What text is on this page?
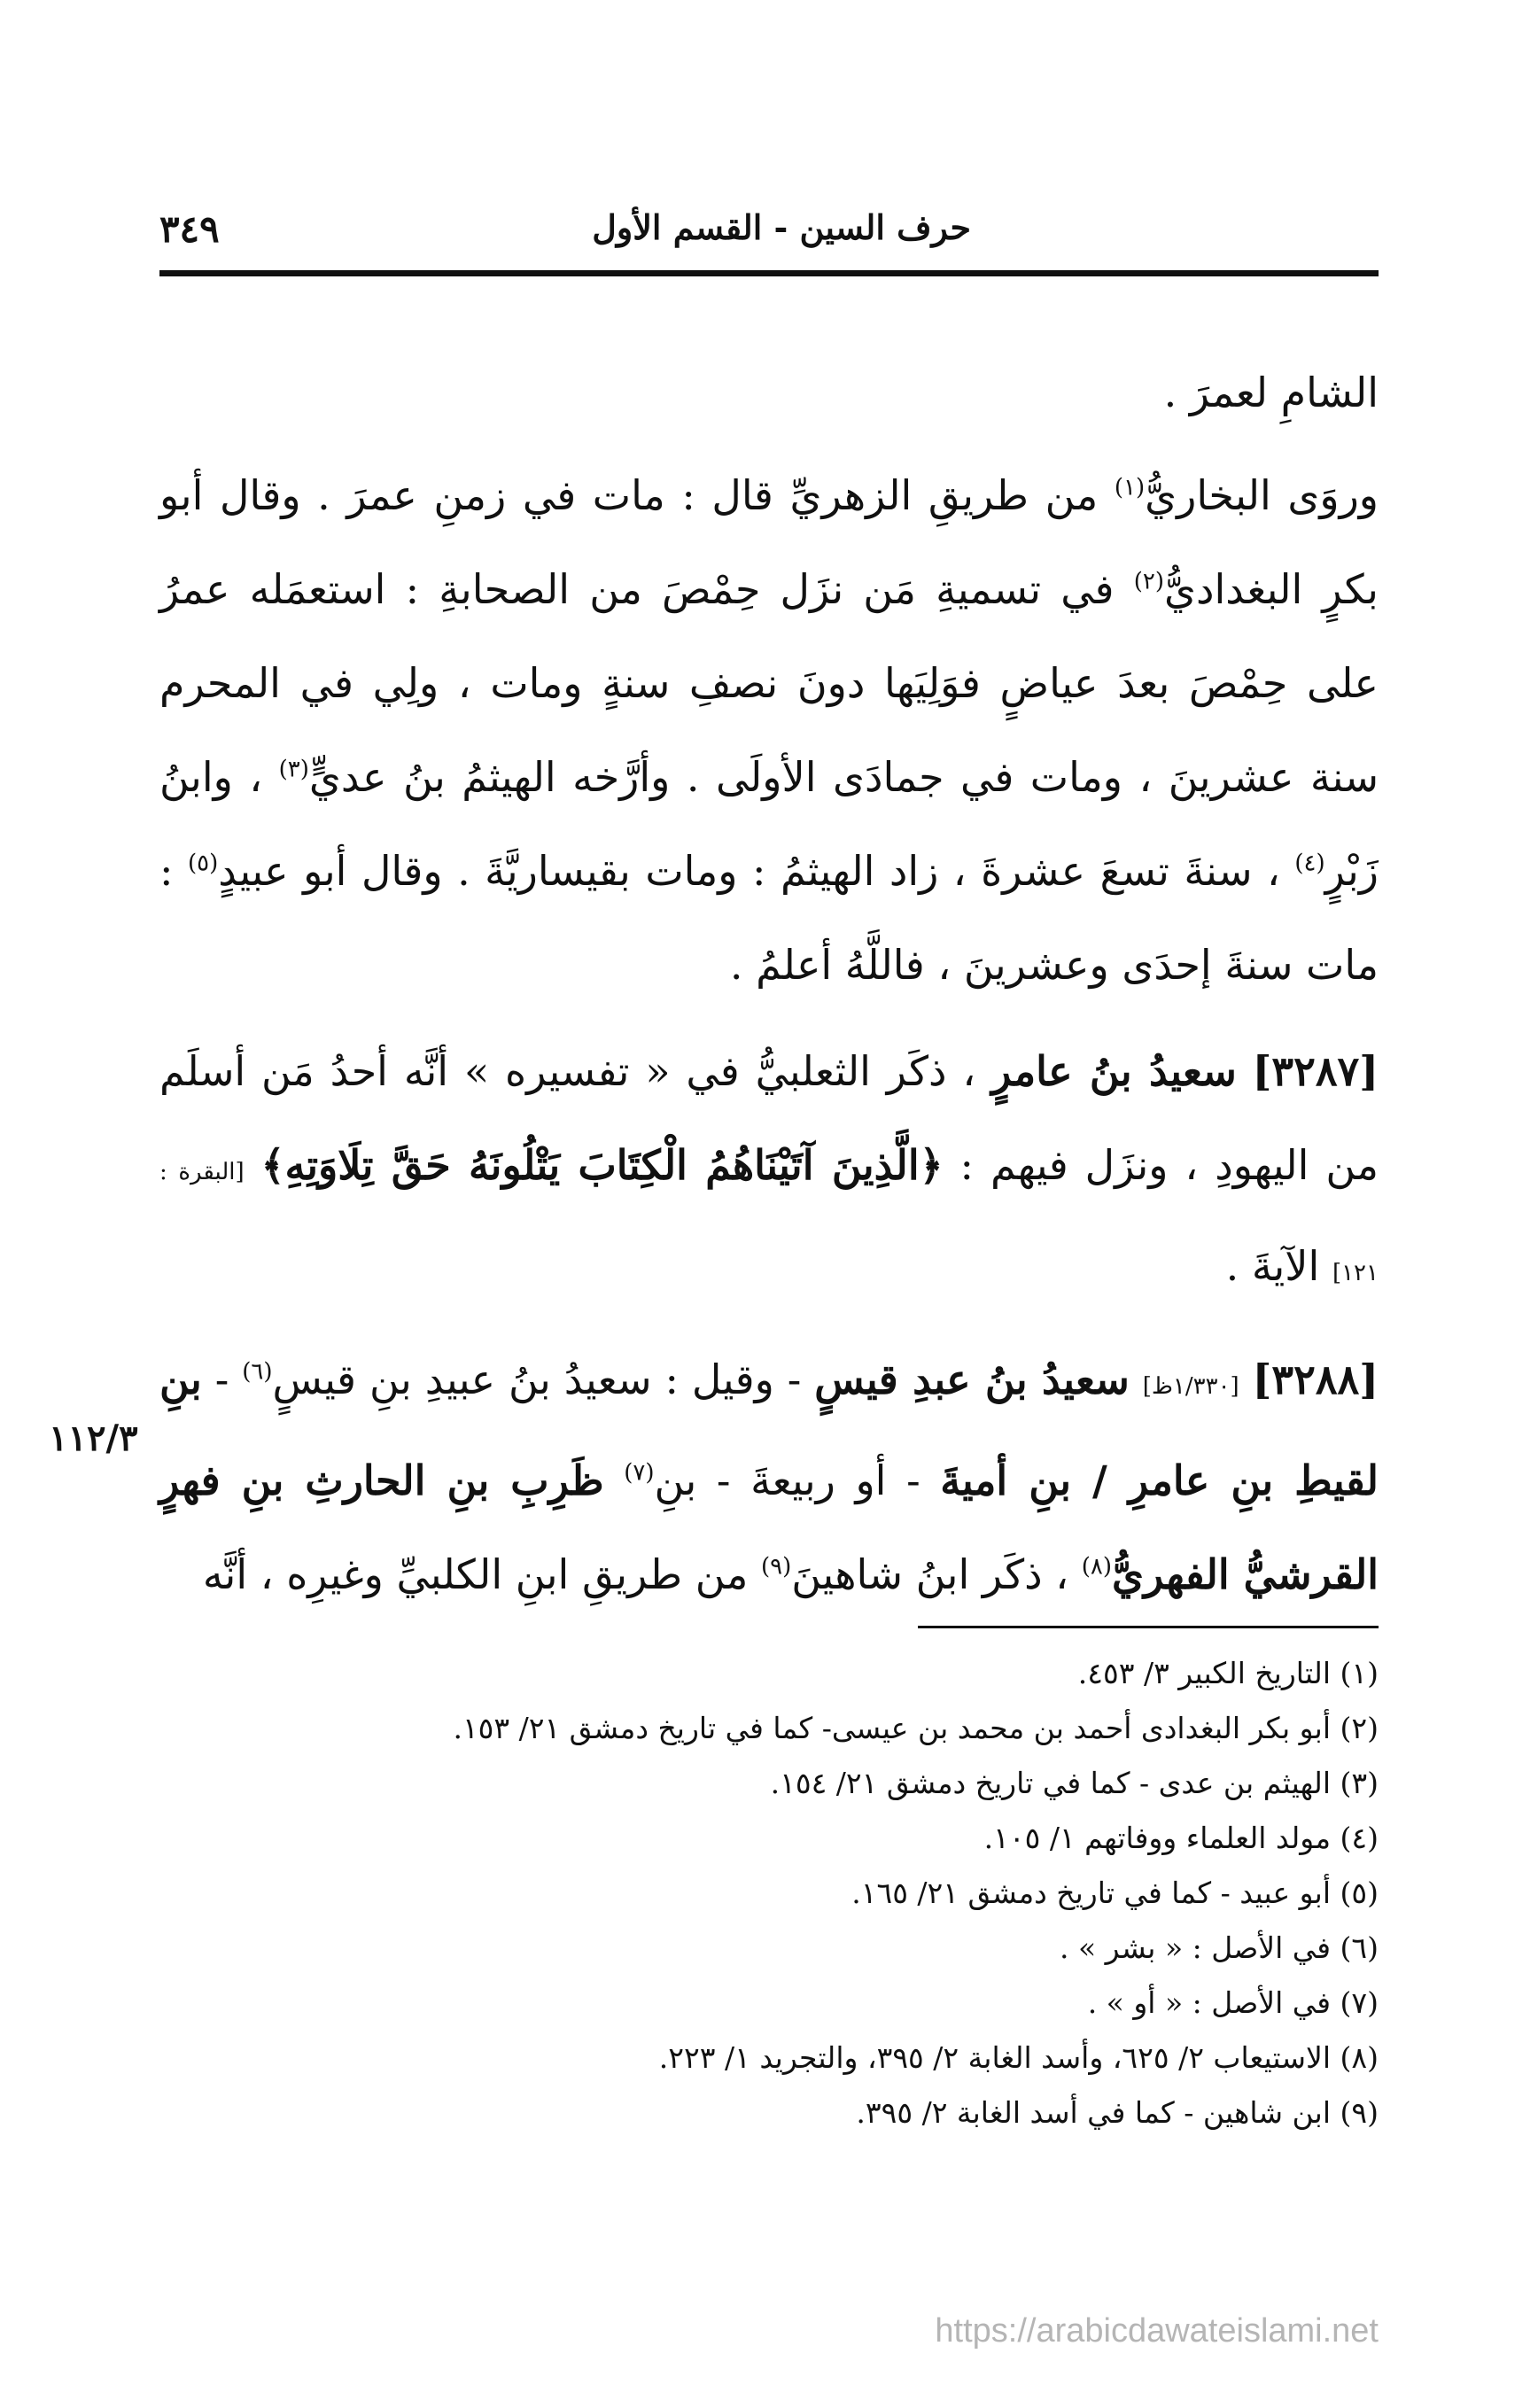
حرف السين - القسم الأول
٣٤٩

الشامِ لعمرَ .

وروَى البخاريُّ$^{(١)}$ من طريقِ الزهريِّ قال : مات في زمنِ عمرَ . وقال أبو بكرٍ البغداديُّ$^{(٢)}$ في تسميةِ مَن نزَل حِمْصَ من الصحابةِ : استعمَله عمرُ على حِمْصَ بعدَ عياضٍ فوَلِيَها دونَ نصفِ سنةٍ ومات ، ولِي في المحرم سنة عشرينَ ، ومات في جمادَى الأولَى . وأرَّخه الهيثمُ بنُ عديٍّ$^{(٣)}$ ، وابنُ زَبْرٍ$^{(٤)}$ ، سنةَ تسعَ عشرةَ ، زاد الهيثمُ : ومات بقيساريَّةَ . وقال أبو عبيدٍ$^{(٥)}$ : مات سنةَ إحدَى وعشرينَ ، فاللَّهُ أعلمُ .

[٣٢٨٧] سعيدُ بنُ عامرٍ ، ذكَر الثعلبيُّ في « تفسيره » أنَّه أحدُ مَن أسلَم من اليهودِ ، ونزَل فيهم : ﴿الَّذِينَ آتَيْنَاهُمُ الْكِتَابَ يَتْلُونَهُ حَقَّ تِلَاوَتِهِ﴾ [البقرة : ١٢١] الآيةَ .

[٣٢٨٨] [١/٣٣٠ظ] سعيدُ بنُ عبدِ قيسٍ - وقيل : سعيدُ بنُ عبيدِ بنِ قيسٍ$^{(٦)}$ - بنِ لقيطِ بنِ عامرِ / بنِ أميةَ - أو ربيعةَ - بنِ$^{(٧)}$ ظَرِبِ بنِ الحارثِ بنِ فهرٍ القرشيُّ الفهريُّ$^{(٨)}$ ، ذكَر ابنُ شاهينَ$^{(٩)}$ من طريقِ ابنِ الكلبيِّ وغيرِه ، أنَّه

١١٢/٣

(١) التاريخ الكبير ٣/ ٤٥٣.

(٢) أبو بكر البغدادى أحمد بن محمد بن عيسى- كما في تاريخ دمشق ٢١/ ١٥٣.

(٣) الهيثم بن عدى - كما في تاريخ دمشق ٢١/ ١٥٤.

(٤) مولد العلماء ووفاتهم ١/ ١٠٥.

(٥) أبو عبيد - كما في تاريخ دمشق ٢١/ ١٦٥.

(٦) في الأصل : « بشر » .

(٧) في الأصل : « أو » .

(٨) الاستيعاب ٢/ ٦٢٥، وأسد الغابة ٢/ ٣٩٥، والتجريد ١/ ٢٢٣.

(٩) ابن شاهين - كما في أسد الغابة ٢/ ٣٩٥.

https://arabicdawateislami.net
